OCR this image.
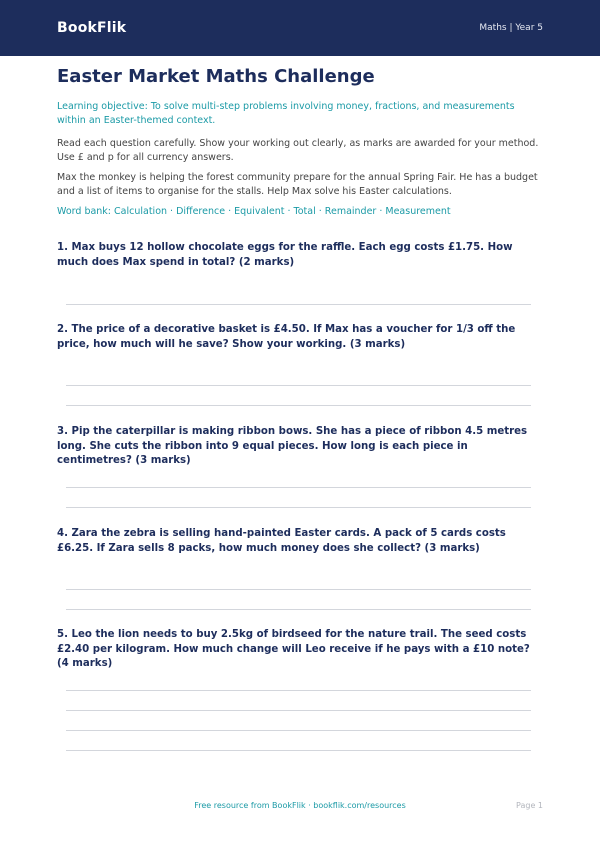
BookFlik	Maths | Year 5
Easter Market Maths Challenge
Learning objective: To solve multi-step problems involving money, fractions, and measurements within an Easter-themed context.
Read each question carefully. Show your working out clearly, as marks are awarded for your method. Use £ and p for all currency answers.
Max the monkey is helping the forest community prepare for the annual Spring Fair. He has a budget and a list of items to organise for the stalls. Help Max solve his Easter calculations.
Word bank: Calculation · Difference · Equivalent · Total · Remainder · Measurement
1. Max buys 12 hollow chocolate eggs for the raffle. Each egg costs £1.75. How much does Max spend in total? (2 marks)
2. The price of a decorative basket is £4.50. If Max has a voucher for 1/3 off the price, how much will he save? Show your working. (3 marks)
3. Pip the caterpillar is making ribbon bows. She has a piece of ribbon 4.5 metres long. She cuts the ribbon into 9 equal pieces. How long is each piece in centimetres? (3 marks)
4. Zara the zebra is selling hand-painted Easter cards. A pack of 5 cards costs £6.25. If Zara sells 8 packs, how much money does she collect? (3 marks)
5. Leo the lion needs to buy 2.5kg of birdseed for the nature trail. The seed costs £2.40 per kilogram. How much change will Leo receive if he pays with a £10 note? (4 marks)
Free resource from BookFlik · bookflik.com/resources	Page 1
